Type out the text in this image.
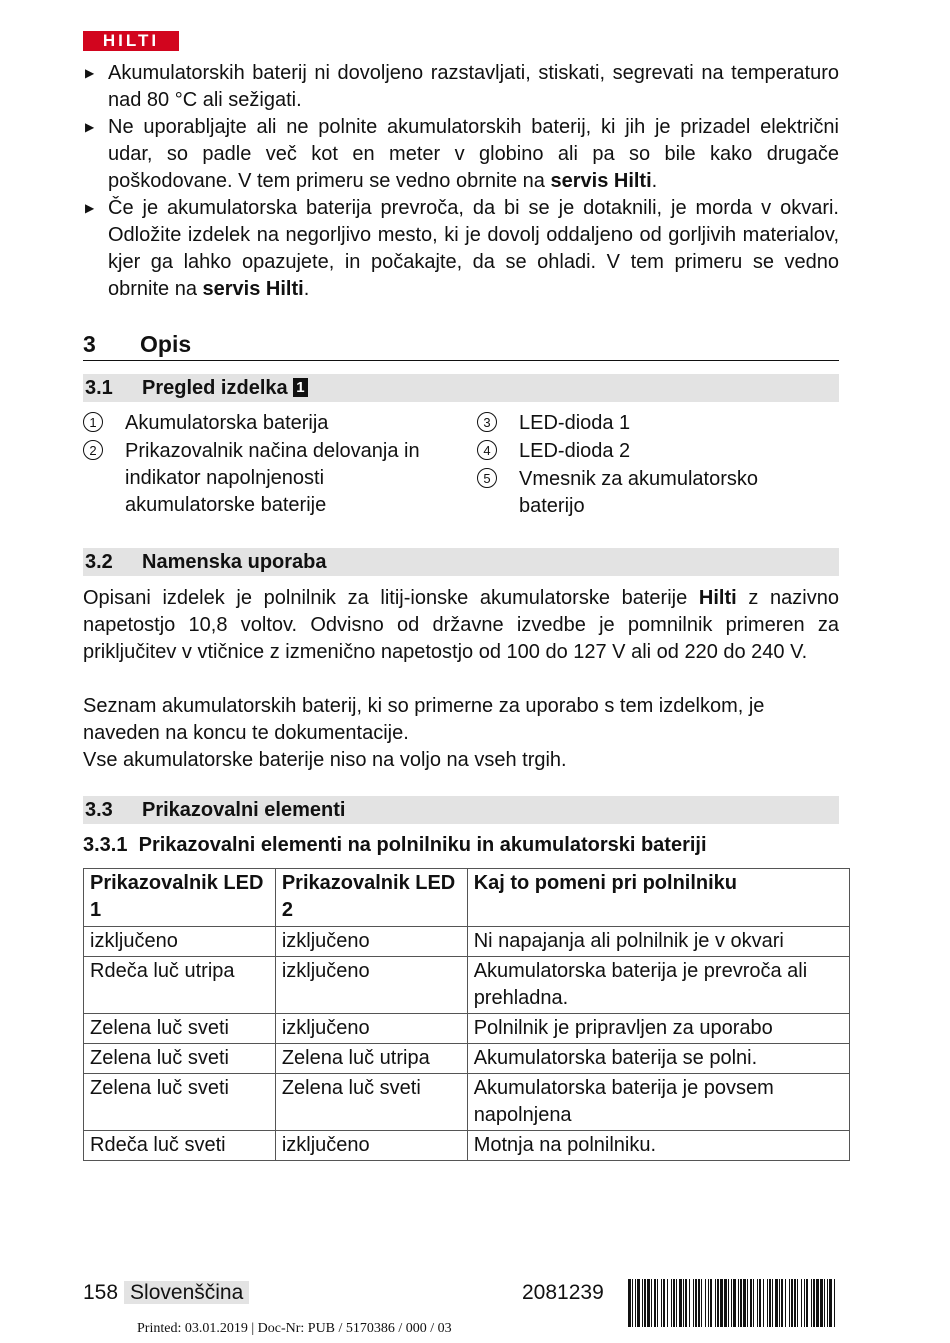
HILTI
▶ Akumulatorskih baterij ni dovoljeno razstavljati, stiskati, segrevati na temperaturo nad 80 °C ali sežigati.
▶ Ne uporabljajte ali ne polnite akumulatorskih baterij, ki jih je prizadel električni udar, so padle več kot en meter v globino ali pa so bile kako drugače poškodovane. V tem primeru se vedno obrnite na servis Hilti.
▶ Če je akumulatorska baterija prevroča, da bi se je dotaknili, je morda v okvari. Odložite izdelek na negorljivo mesto, ki je dovolj oddaljeno od gorljivih materialov, kjer ga lahko opazujete, in počakajte, da se ohladi. V tem primeru se vedno obrnite na servis Hilti.
3 Opis
3.1 Pregled izdelka 1
1	Akumulatorska baterija
2	Prikazovalnik načina delovanja in indikator napolnjenosti akumulatorske baterije
3	LED-dioda 1
4	LED-dioda 2
5	Vmesnik za akumulatorsko baterijo
3.2 Namenska uporaba

Opisani izdelek je polnilnik za litij-ionske akumulatorske baterije Hilti z nazivno napetostjo 10,8 voltov. Odvisno od državne izvedbe je pomnilnik primeren za priključitev v vtičnice z izmenično napetostjo od 100 do 127 V ali od 220 do 240 V.

Seznam akumulatorskih baterij, ki so primerne za uporabo s tem izdelkom, je naveden na koncu te dokumentacije.

Vse akumulatorske baterije niso na voljo na vseh trgih.

3.3 Prikazovalni elementi
3.3.1 Prikazovalni elementi na polnilniku in akumulatorski bateriji
Prikazovalnik LED 1	Prikazovalnik LED 2	Kaj to pomeni pri polnilniku
izključeno	izključeno	Ni napajanja ali polnilnik je v okvari
Rdeča luč utripa	izključeno	Akumulatorska baterija je prevroča ali prehladna.
Zelena luč sveti	izključeno	Polnilnik je pripravljen za uporabo
Zelena luč sveti	Zelena luč utripa	Akumulatorska baterija se polni.
Zelena luč sveti	Zelena luč sveti	Akumulatorska baterija je povsem napolnjena
Rdeča luč sveti	izključeno	Motnja na polnilniku.
158 Slovenščina	2081239
Printed: 03.01.2019 | Doc-Nr: PUB / 5170386 / 000 / 03
